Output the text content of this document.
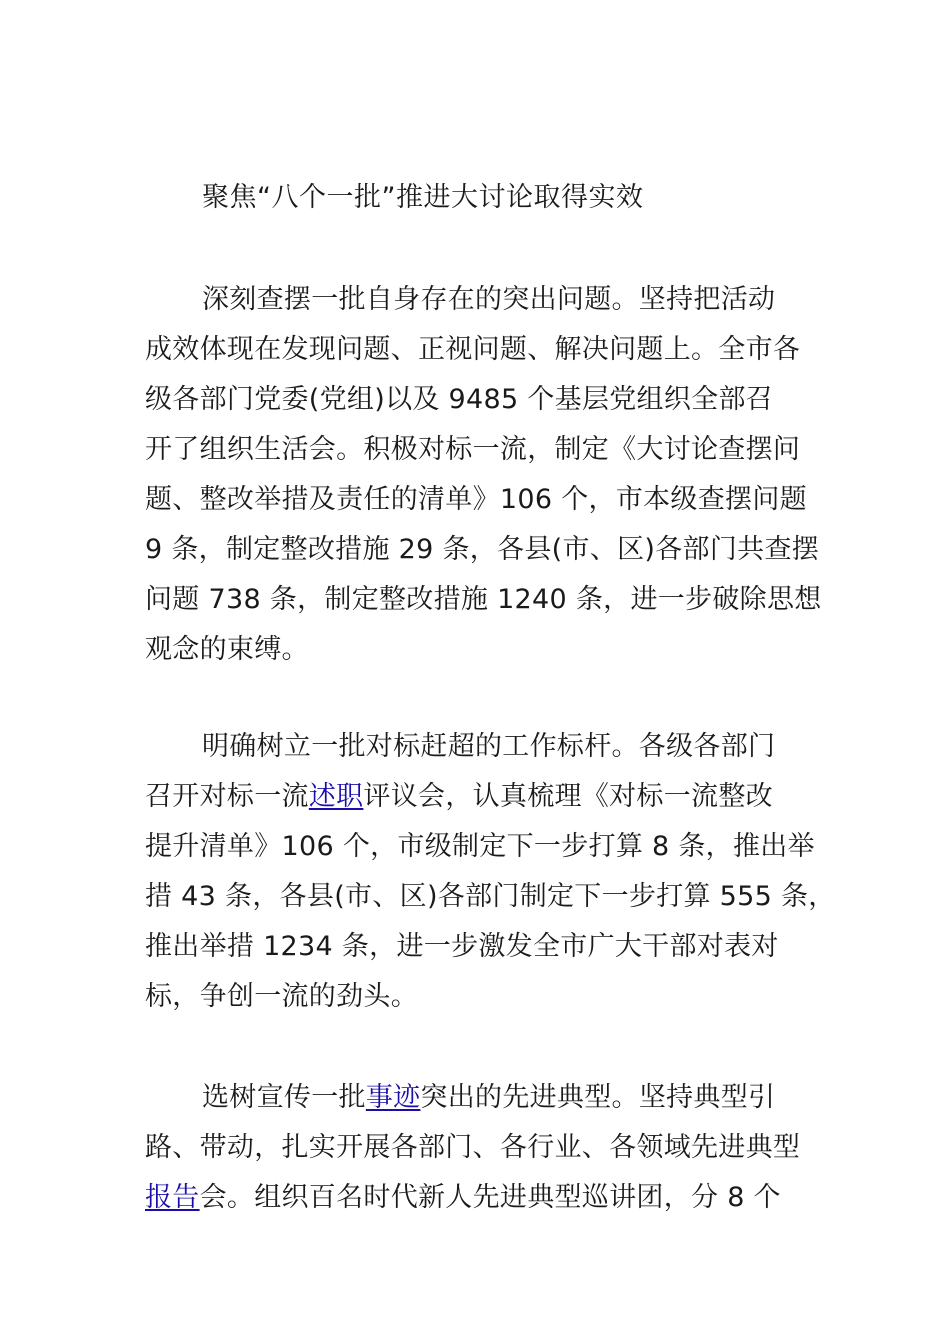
聚焦“八个一批”推进大讨论取得实效
深刻查摆一批自身存在的突出问题。坚持把活动
成效体现在发现问题、正视问题、解决问题上。全市各
级各部门党委(党组)以及 9485 个基层党组织全部召
开了组织生活会。积极对标一流，制定《大讨论查摆问
题、整改举措及责任的清单》106 个，市本级查摆问题
9 条，制定整改措施 29 条，各县(市、区)各部门共查摆
问题 738 条，制定整改措施 1240 条，进一步破除思想
观念的束缚。
明确树立一批对标赶超的工作标杆。各级各部门
召开对标一流述职评议会，认真梳理《对标一流整改
提升清单》106 个，市级制定下一步打算 8 条，推出举
措 43 条，各县(市、区)各部门制定下一步打算 555 条，
推出举措 1234 条，进一步激发全市广大干部对表对
标，争创一流的劲头。
选树宣传一批事迹突出的先进典型。坚持典型引
路、带动，扎实开展各部门、各行业、各领域先进典型
报告会。组织百名时代新人先进典型巡讲团，分 8 个
